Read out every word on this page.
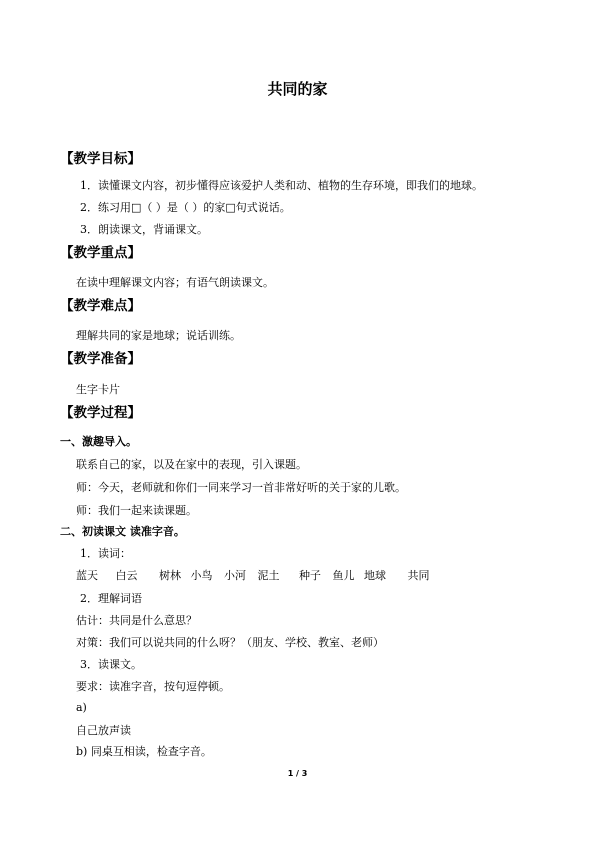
共同的家
【教学目标】
1．读懂课文内容，初步懂得应该爱护人类和动、植物的生存环境，即我们的地球。
2．练习用□（ ）是（ ）的家□句式说话。
3．朗读课文，背诵课文。
【教学重点】
在读中理解课文内容；有语气朗读课文。
【教学难点】
理解共同的家是地球；说话训练。
【教学准备】
生字卡片
【教学过程】
一、激趣导入。
联系自己的家，以及在家中的表现，引入课题。
师：今天，老师就和你们一同来学习一首非常好听的关于家的儿歌。
师：我们一起来读课题。
二、初读课文 读准字音。
1．读词：
蓝天 白云 树林 小鸟 小河 泥土 种子 鱼儿 地球 共同
2．理解词语
估计：共同是什么意思？
对策：我们可以说共同的什么呀？（朋友、学校、教室、老师）
3．读课文。
要求：读准字音，按句逗停顿。
a)
自己放声读
b) 同桌互相读，检查字音。
1 / 3
